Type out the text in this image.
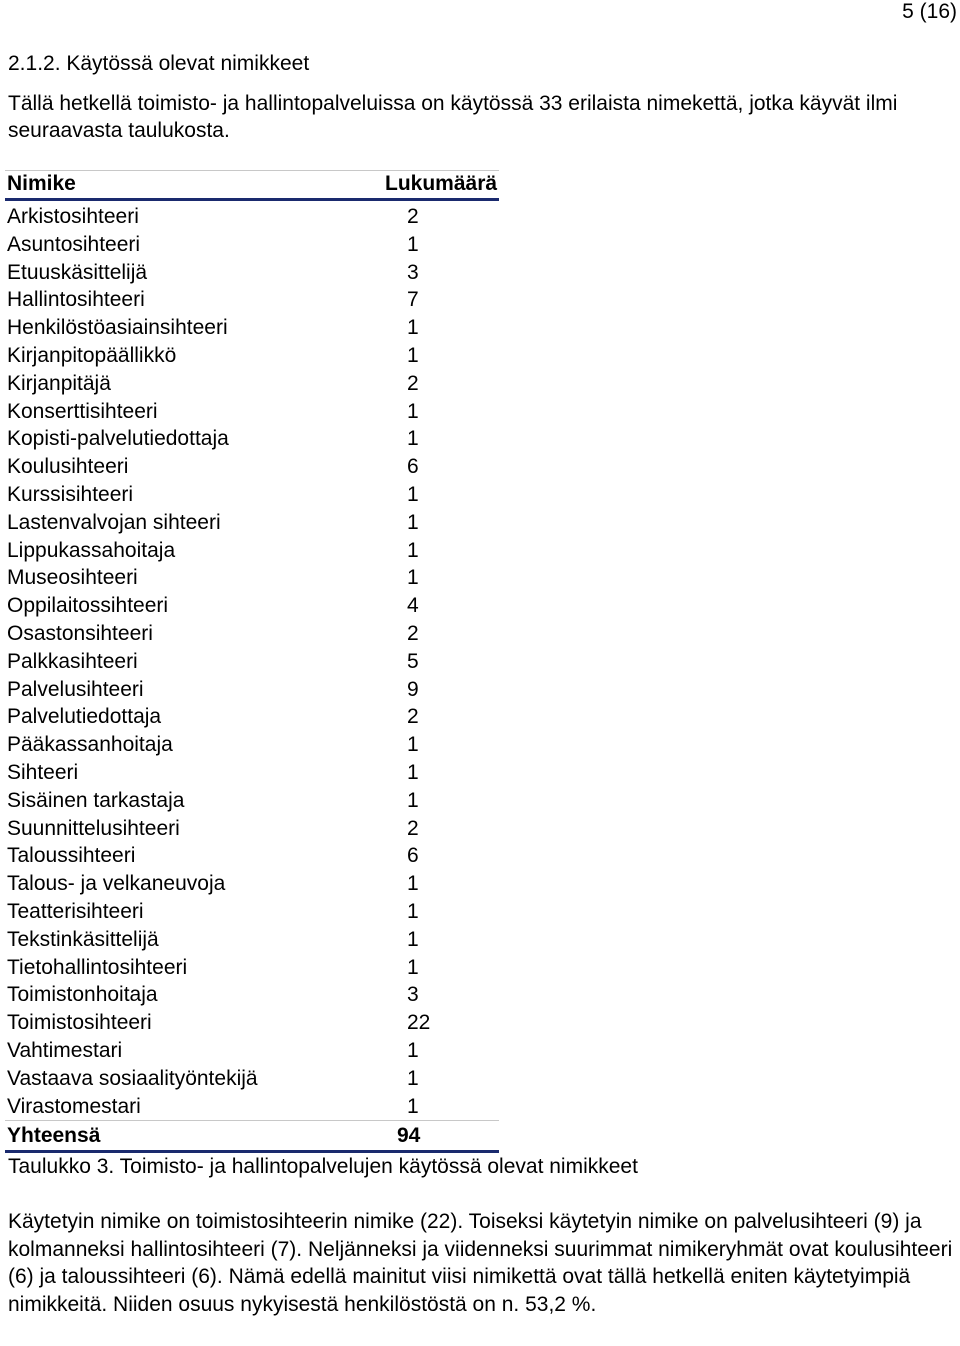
5 (16)
2.1.2. Käytössä olevat nimikkeet
Tällä hetkellä toimisto- ja hallintopalveluissa on käytössä 33 erilaista nimekettä, jotka käyvät ilmi seuraavasta taulukosta.
Nimike	Lukumäärä
Arkistosihteeri	2
Asuntosihteeri	1
Etuuskäsittelijä	3
Hallintosihteeri	7
Henkilöstöasiainsihteeri	1
Kirjanpitopäällikkö	1
Kirjanpitäjä	2
Konserttisihteeri	1
Kopisti-palvelutiedottaja	1
Koulusihteeri	6
Kurssisihteeri	1
Lastenvalvojan sihteeri	1
Lippukassahoitaja	1
Museosihteeri	1
Oppilaitossihteeri	4
Osastonsihteeri	2
Palkkasihteeri	5
Palvelusihteeri	9
Palvelutiedottaja	2
Pääkassanhoitaja	1
Sihteeri	1
Sisäinen tarkastaja	1
Suunnittelusihteeri	2
Taloussihteeri	6
Talous- ja velkaneuvoja	1
Teatterisihteeri	1
Tekstinkäsittelijä	1
Tietohallintosihteeri	1
Toimistonhoitaja	3
Toimistosihteeri	22
Vahtimestari	1
Vastaava sosiaalityöntekijä	1
Virastomestari	1
Yhteensä	94
Taulukko 3. Toimisto- ja hallintopalvelujen käytössä olevat nimikkeet
Käytetyin nimike on toimistosihteerin nimike (22). Toiseksi käytetyin nimike on palvelusihteeri (9) ja kolmanneksi hallintosihteeri (7). Neljänneksi ja viidenneksi suurimmat nimikeryhmät ovat koulusihteeri (6) ja taloussihteeri (6). Nämä edellä mainitut viisi nimikettä ovat tällä hetkellä eniten käytetyimpiä nimikkeitä. Niiden osuus nykyisestä henkilöstöstä on n. 53,2 %.
